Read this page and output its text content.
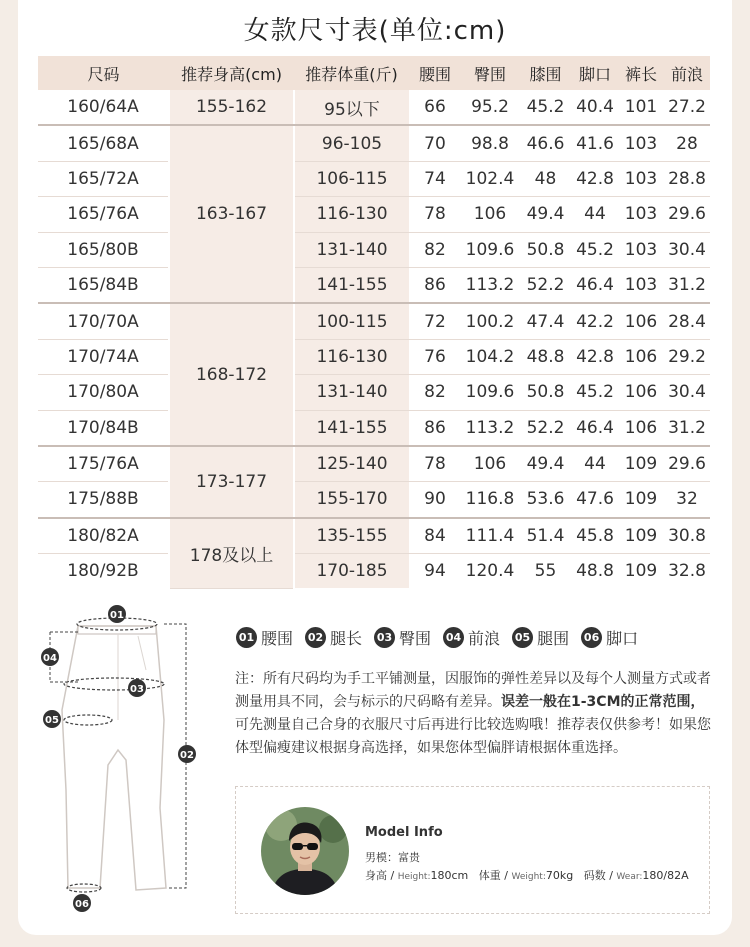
女款尺寸表(单位:cm)
尺码	推荐身高(cm)	推荐体重(斤)	腰围	臀围	膝围	脚口	裤长	前浪
160/64A	155-162	95以下	66	95.2	45.2	40.4	101	27.2
165/68A	163-167	96-105	70	98.8	46.6	41.6	103	28
165/72A		106-115	74	102.4	48	42.8	103	28.8
165/76A		116-130	78	106	49.4	44	103	29.6
165/80B		131-140	82	109.6	50.8	45.2	103	30.4
165/84B		141-155	86	113.2	52.2	46.4	103	31.2
170/70A	168-172	100-115	72	100.2	47.4	42.2	106	28.4
170/74A		116-130	76	104.2	48.8	42.8	106	29.2
170/80A		131-140	82	109.6	50.8	45.2	106	30.4
170/84B		141-155	86	113.2	52.2	46.4	106	31.2
175/76A	173-177	125-140	78	106	49.4	44	109	29.6
175/88B		155-170	90	116.8	53.6	47.6	109	32
180/82A	178及以上	135-155	84	111.4	51.4	45.8	109	30.8
180/92B		170-185	94	120.4	55	48.8	109	32.8
01
04
03
05
02
06
01 腰围 02 腿长 03 臀围 04 前浪 05 腿围 06 脚口
注：所有尺码均为手工平铺测量，因服饰的弹性差异以及每个人测量方式或者测量用具不同，会与标示的尺码略有差异。误差一般在1-3CM的正常范围，可先测量自己合身的衣服尺寸后再进行比较选购哦！推荐表仅供参考！如果您体型偏瘦建议根据身高选择，如果您体型偏胖请根据体重选择。
Model Info
男模：富贵
身高 / Height:180cm 体重 / Weight:70kg 码数 / Wear:180/82A
